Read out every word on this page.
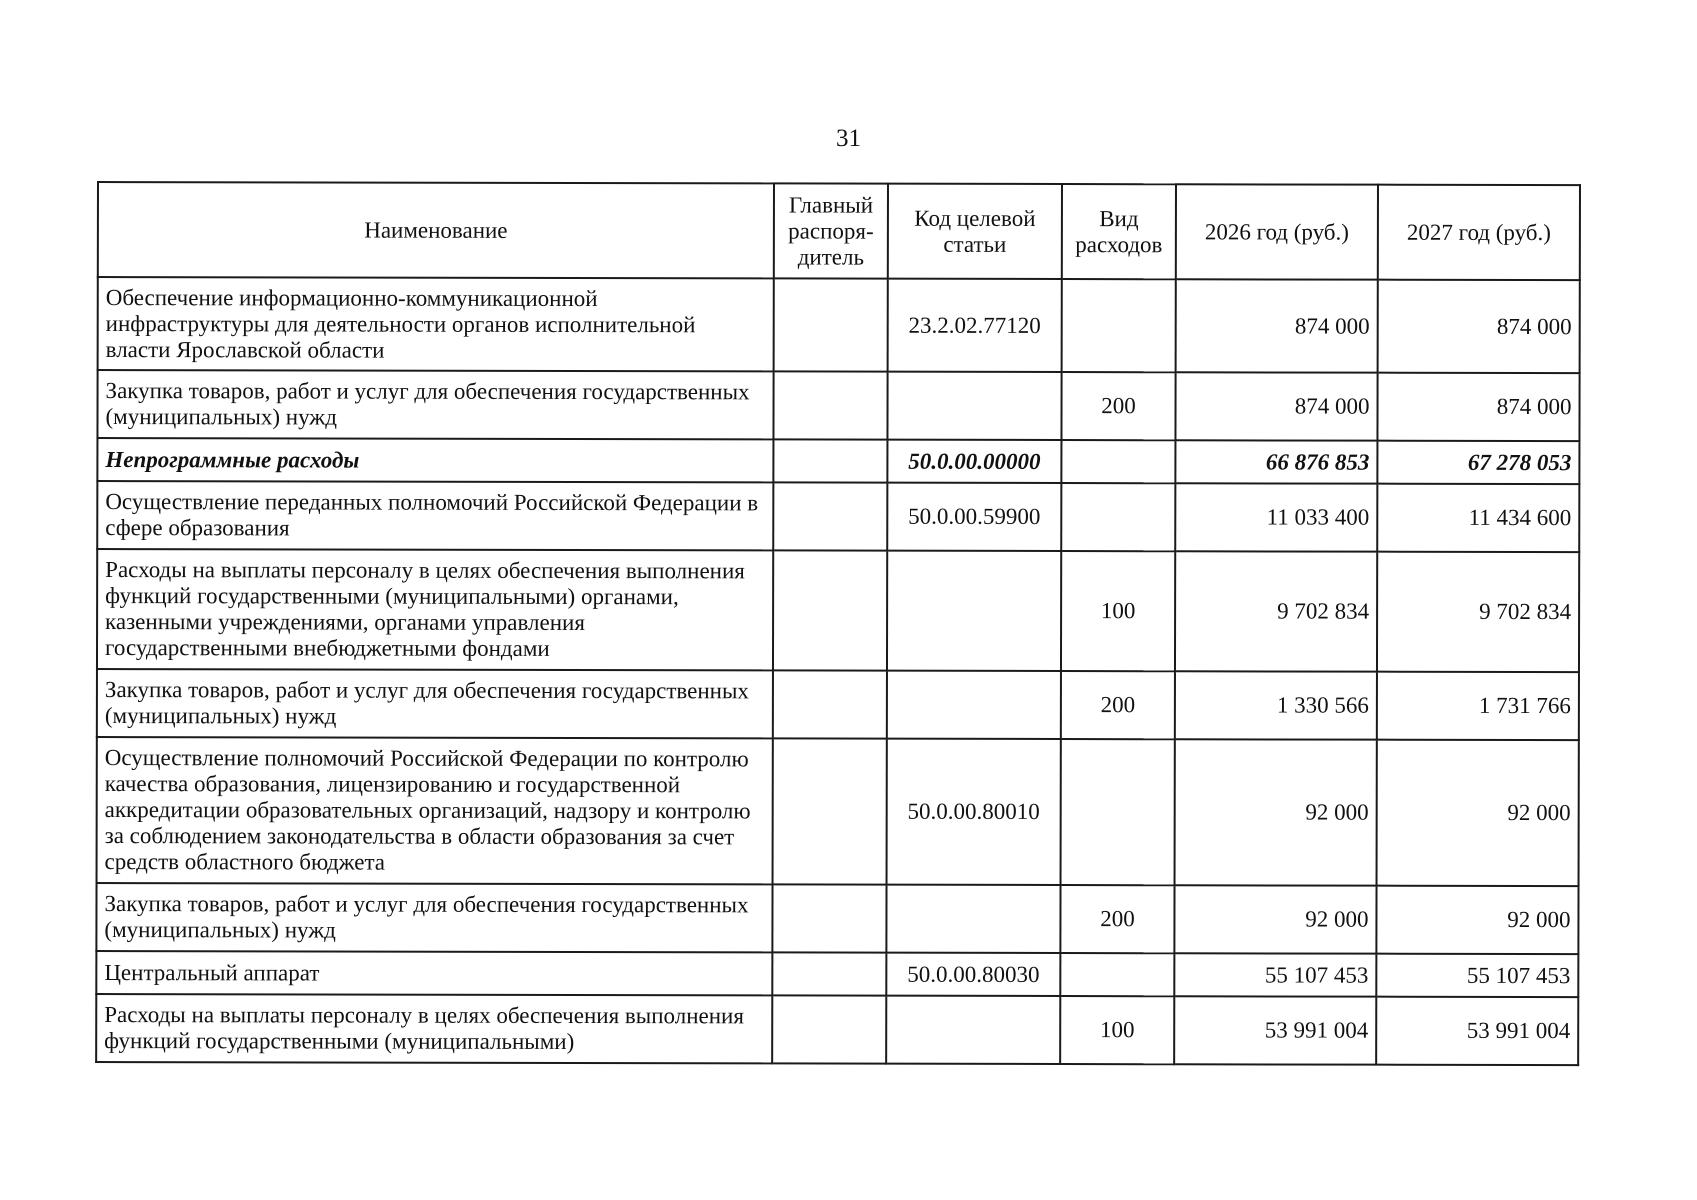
31
Наименование	Главный распоря-дитель	Код целевой статьи	Вид расходов	2026 год (руб.)	2027 год (руб.)
Обеспечение информационно-коммуникационной инфраструктуры для деятельности органов исполнительной власти Ярославской области		23.2.02.77120		874 000	874 000
Закупка товаров, работ и услуг для обеспечения государственных (муниципальных) нужд			200	874 000	874 000
Непрограммные расходы		50.0.00.00000		66 876 853	67 278 053
Осуществление переданных полномочий Российской Федерации в сфере образования		50.0.00.59900		11 033 400	11 434 600
Расходы на выплаты персоналу в целях обеспечения выполнения функций государственными (муниципальными) органами, казенными учреждениями, органами управления государственными внебюджетными фондами			100	9 702 834	9 702 834
Закупка товаров, работ и услуг для обеспечения государственных (муниципальных) нужд			200	1 330 566	1 731 766
Осуществление полномочий Российской Федерации по контролю качества образования, лицензированию и государственной аккредитации образовательных организаций, надзору и контролю за соблюдением законодательства в области образования за счет средств областного бюджета		50.0.00.80010		92 000	92 000
Закупка товаров, работ и услуг для обеспечения государственных (муниципальных) нужд			200	92 000	92 000
Центральный аппарат		50.0.00.80030		55 107 453	55 107 453
Расходы на выплаты персоналу в целях обеспечения выполнения функций государственными (муниципальными)			100	53 991 004	53 991 004
